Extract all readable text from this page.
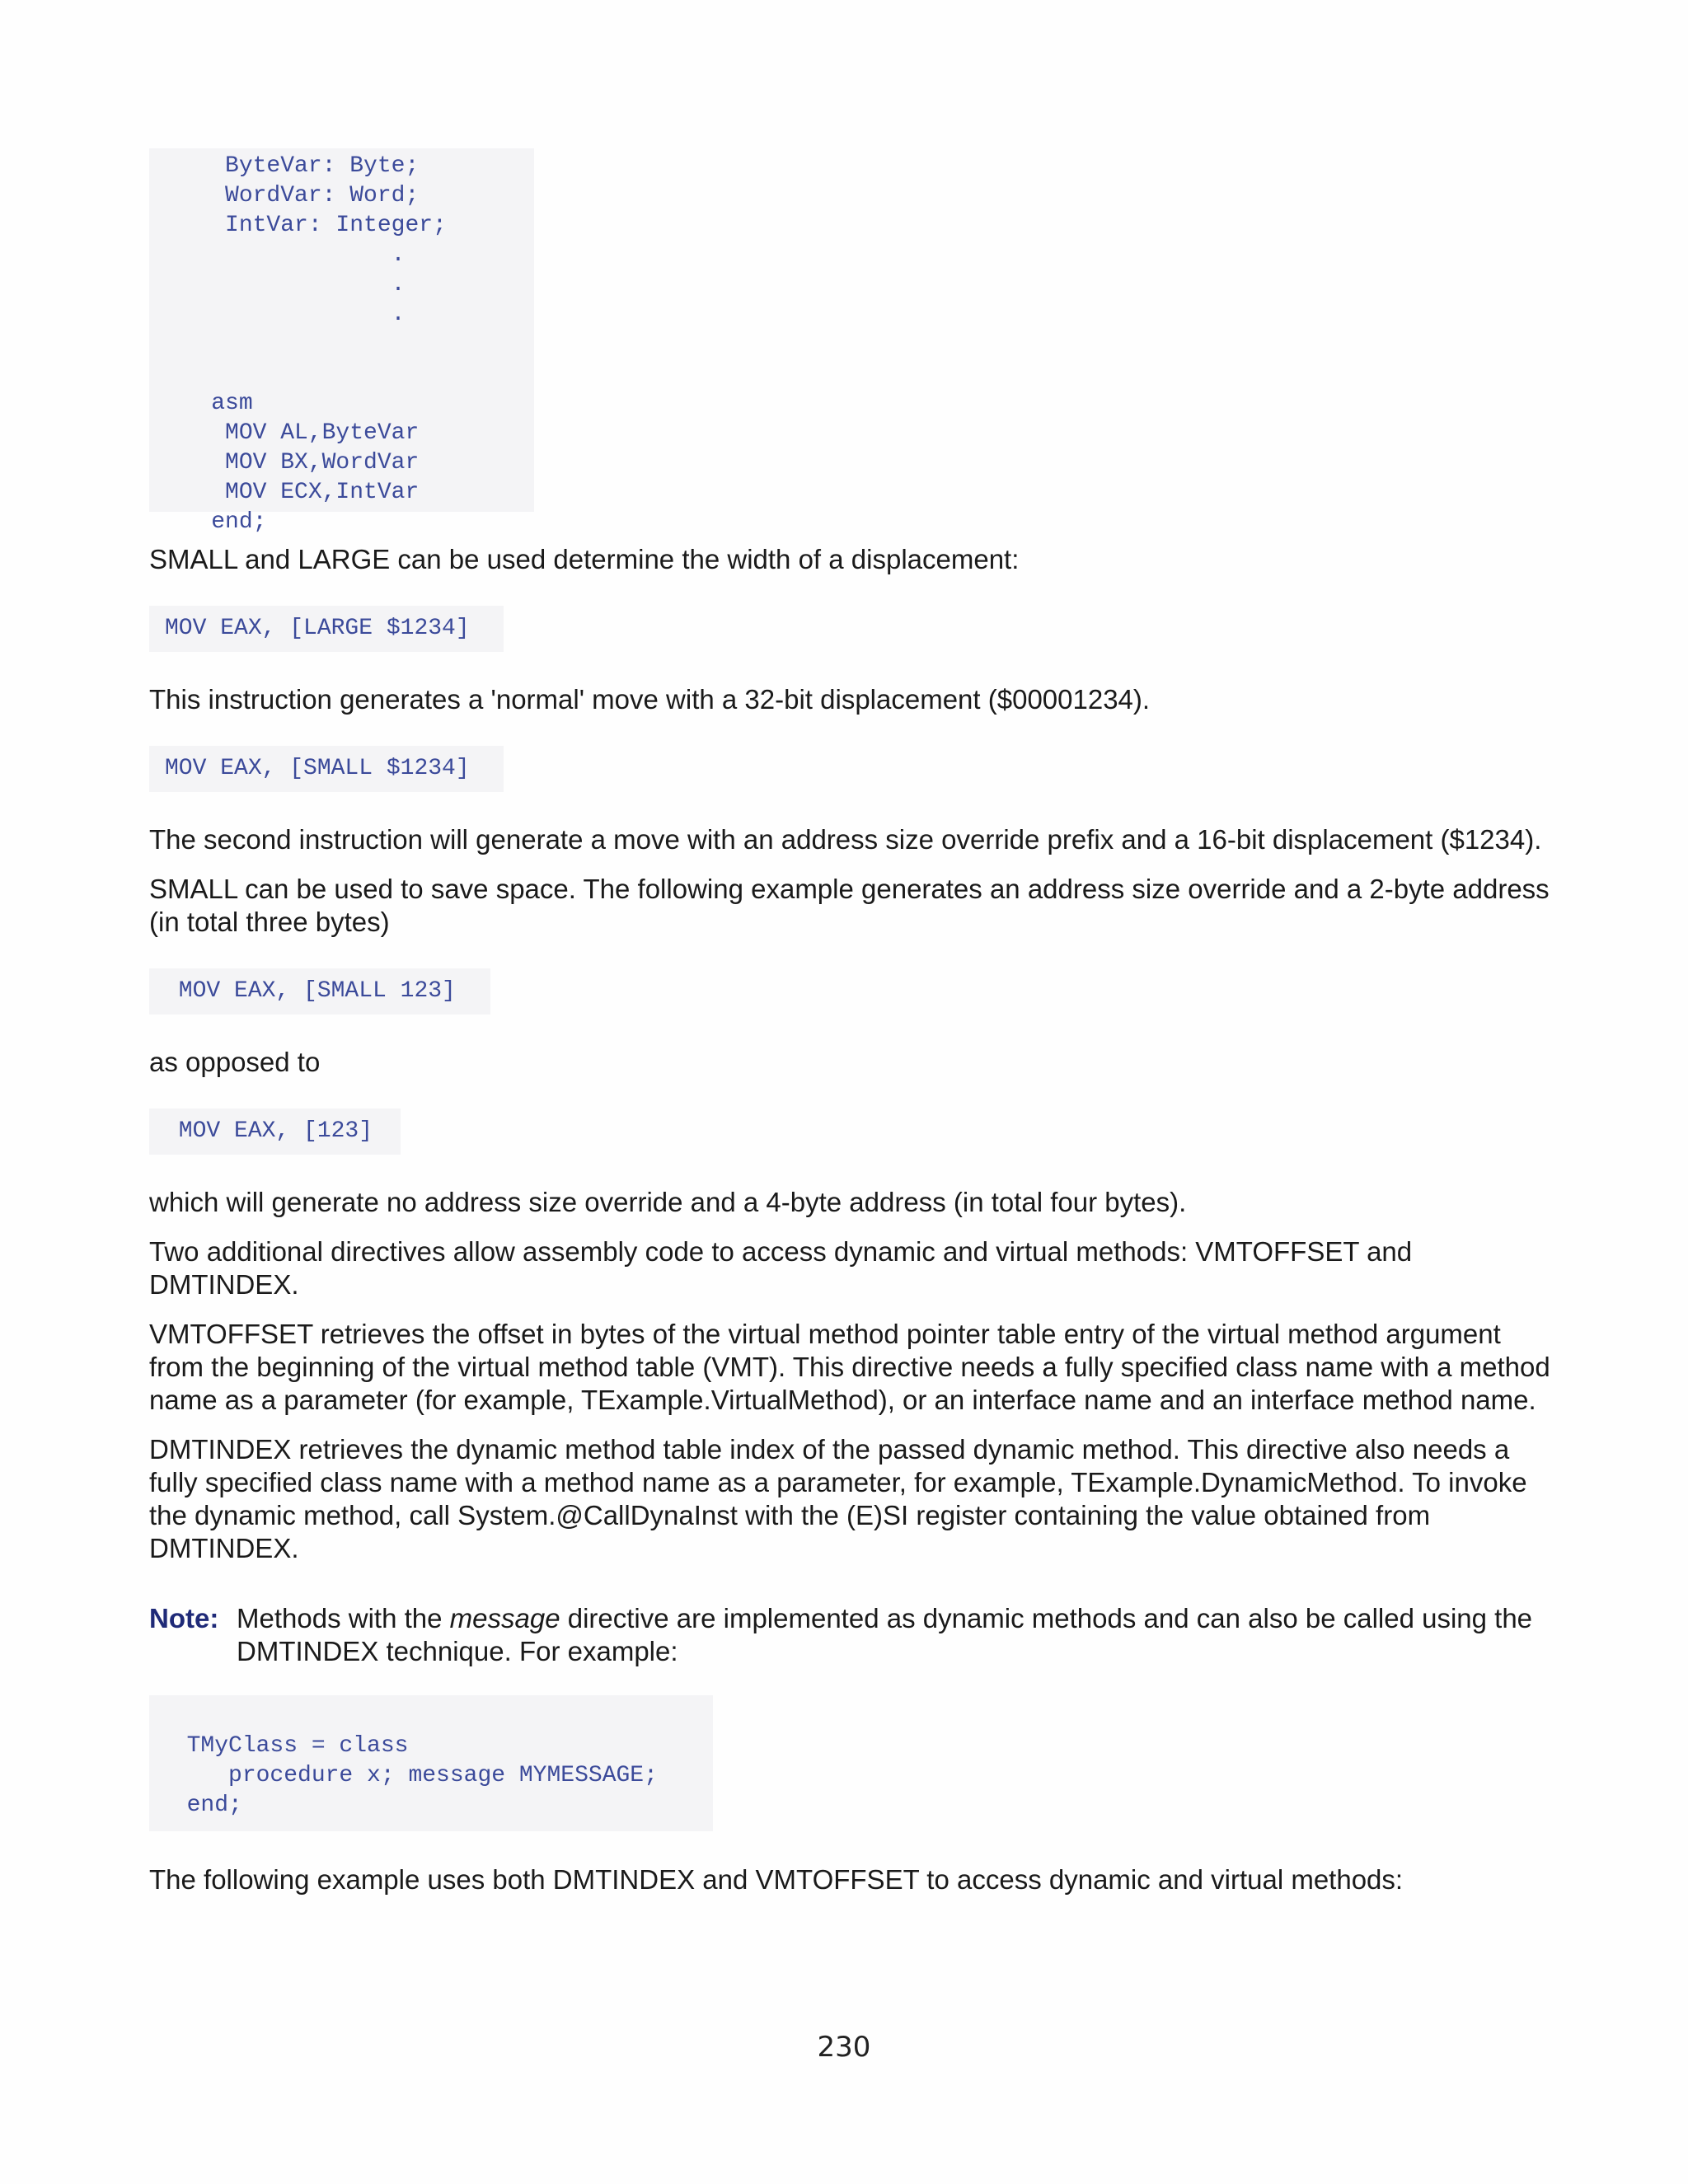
ByteVar: Byte;
WordVar: Word;
IntVar: Integer;
.
.
.

asm
MOV AL,ByteVar
MOV BX,WordVar
MOV ECX,IntVar
end;

SMALL and LARGE can be used determine the width of a displacement:

MOV EAX, [LARGE $1234]

This instruction generates a 'normal' move with a 32-bit displacement ($00001234).

MOV EAX, [SMALL $1234]

The second instruction will generate a move with an address size override prefix and a 16-bit displacement ($1234).

SMALL can be used to save space. The following example generates an address size override and a 2-byte address (in total three bytes)

MOV EAX, [SMALL 123]

as opposed to

MOV EAX, [123]

which will generate no address size override and a 4-byte address (in total four bytes).

Two additional directives allow assembly code to access dynamic and virtual methods: VMTOFFSET and DMTINDEX.

VMTOFFSET retrieves the offset in bytes of the virtual method pointer table entry of the virtual method argument from the beginning of the virtual method table (VMT). This directive needs a fully specified class name with a method name as a parameter (for example, TExample.VirtualMethod), or an interface name and an interface method name.

DMTINDEX retrieves the dynamic method table index of the passed dynamic method. This directive also needs a fully specified class name with a method name as a parameter, for example, TExample.DynamicMethod. To invoke the dynamic method, call System.@CallDynaInst with the (E)SI register containing the value obtained from DMTINDEX.

Note: Methods with the message directive are implemented as dynamic methods and can also be called using the DMTINDEX technique. For example:

TMyClass = class
procedure x; message MYMESSAGE;
end;

The following example uses both DMTINDEX and VMTOFFSET to access dynamic and virtual methods:

230
